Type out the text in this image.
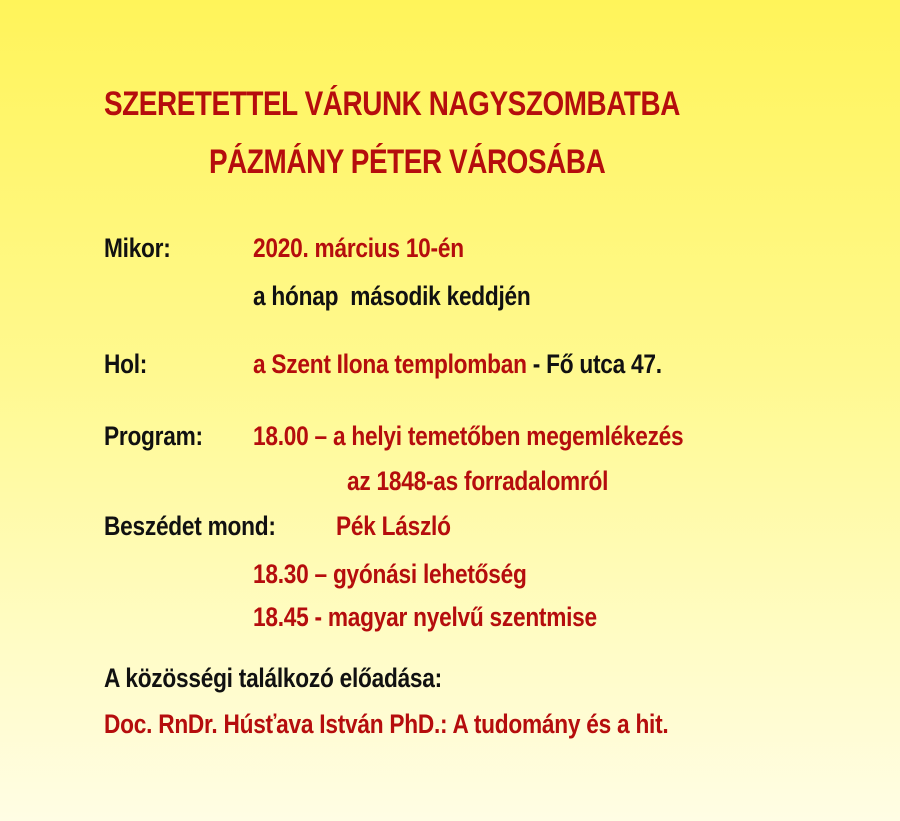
SZERETETTEL VÁRUNK NAGYSZOMBATBA
PÁZMÁNY PÉTER VÁROSÁBA
Mikor:	2020. március 10-én
a hónap  második keddjén
Hol:	a Szent Ilona templomban - Fő utca 47.
Program: 18.00 – a helyi temetőben megemlékezés
az 1848-as forradalomról
Beszédet mond: Pék László
18.30 – gyónási lehetőség
18.45 - magyar nyelvű szentmise
A közösségi találkozó előadása:
Doc. RnDr. Húsťava István PhD.: A tudomány és a hit.
